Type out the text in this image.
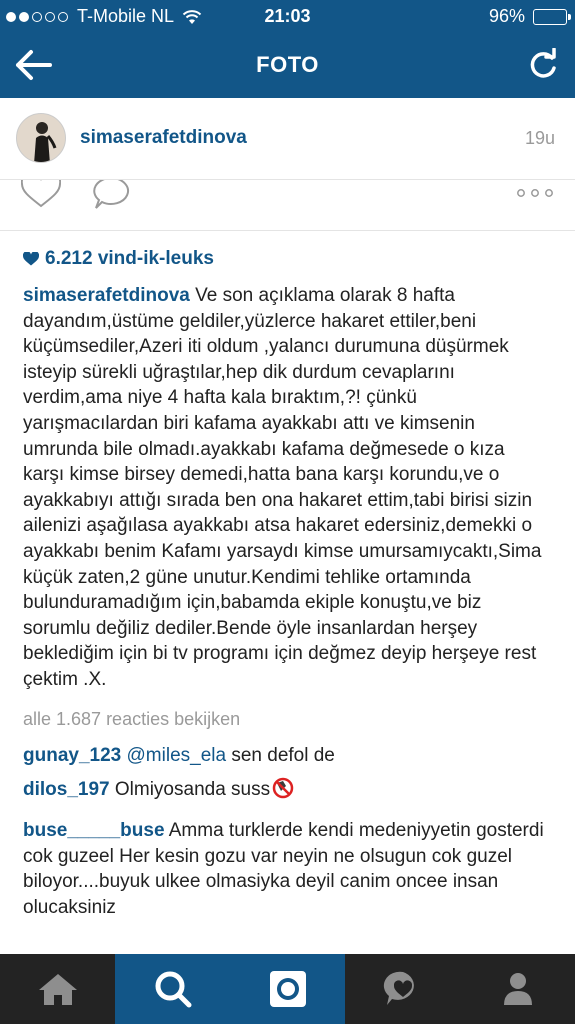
T-Mobile NL	21:03	96%
FOTO
simaserafetdinova	19u
6.212 vind-ik-leuks
simaserafetdinova Ve son açıklama olarak 8 hafta dayandım,üstüme geldiler,yüzlerce hakaret ettiler,beni küçümsediler,Azeri iti oldum ,yalancı durumuna düşürmek isteyip sürekli uğraştılar,hep dik durdum cevaplarını verdim,ama niye 4 hafta kala bıraktım,?! çünkü yarışmacılardan biri kafama ayakkabı attı ve kimsenin umrunda bile olmadı.ayakkabı kafama değmesede o kıza karşı kimse birsey demedi,hatta bana karşı korundu,ve o ayakkabıyı attığı sırada ben ona hakaret ettim,tabi birisi sizin ailenizi aşağılasa ayakkabı atsa hakaret edersiniz,demekki o ayakkabı benim Kafamı yarsaydı kimse umursamıycaktı,Sima küçük zaten,2 güne unutur.Kendimi tehlike ortamında bulunduramadığım için,babamda ekiple konuştu,ve biz sorumlu değiliz dediler.Bende öyle insanlardan herşey beklediğim için bi tv programı için değmez deyip herşeye rest çektim .X.
alle 1.687 reacties bekijken
gunay_123 @miles_ela sen defol de
dilos_197 Olmiyosanda suss
buse_____buse Amma turklerde kendi medeniyyetin gosterdi cok guzeel Her kesin gozu var neyin ne olsugun cok guzel biloyor....buyuk ulkee olmasiyka deyil canim oncee insan olucaksiniz
